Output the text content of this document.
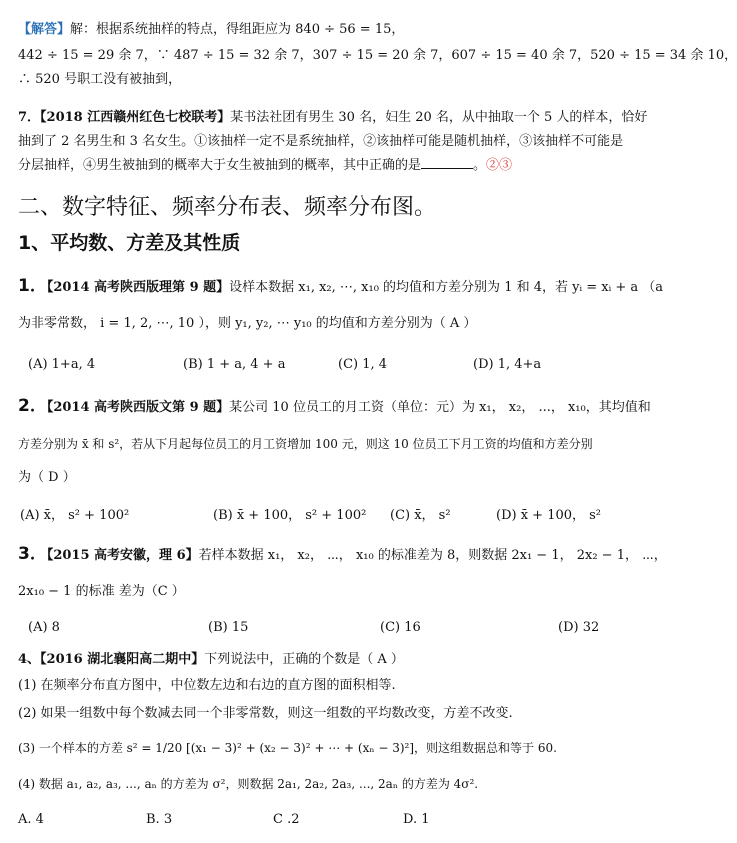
【解答】解：根据系统抽样的特点，得组距应为 840 ÷ 56 = 15，
442 ÷ 15 = 29 余 7，∵ 487 ÷ 15 = 32 余 7，307 ÷ 15 = 20 余 7，607 ÷ 15 = 40 余 7，520 ÷ 15 = 34 余 10，
∴ 520 号职工没有被抽到，
7．【2018 江西赣州红色七校联考】某书法社团有男生 30 名，妇生 20 名，从中抽取一个 5 人的样本，恰好
抽到了 2 名男生和 3 名女生。①该抽样一定不是系统抽样，②该抽样可能是随机抽样，③该抽样不可能是
分层抽样，④男生被抽到的概率大于女生被抽到的概率，其中正确的是	。②③
二、数字特征、频率分布表、频率分布图。
1、平均数、方差及其性质
1．【2014 高考陕西版理第 9 题】设样本数据 x₁, x₂, ⋯, x₁₀ 的均值和方差分别为 1 和 4，若 yᵢ = xᵢ + a （a
为非零常数， i = 1, 2, ⋯, 10 ），则 y₁, y₂, ⋯ y₁₀ 的均值和方差分别为（ A ）
(A) 1+a, 4	(B) 1 + a, 4 + a	(C) 1, 4	(D) 1, 4+a
2．【2014 高考陕西版文第 9 题】某公司 10 位员工的月工资（单位：元）为 x₁， x₂， ...， x₁₀，其均值和
方差分别为 x̄ 和 s²，若从下月起每位员工的月工资增加 100 元，则这 10 位员工下月工资的均值和方差分别
为（ D ）
(A) x̄， s² + 100²	(B) x̄ + 100， s² + 100² (C) x̄， s²	(D) x̄ + 100， s²
3．【2015 高考安徽，理 6】若样本数据 x₁， x₂， ⋯， x₁₀ 的标准差为 8，则数据 2x₁ − 1， 2x₂ − 1， ⋯，
2x₁₀ − 1 的标准 差为（C ）
(A) 8	(B) 15	(C) 16	(D) 32
4、【2016 湖北襄阳高二期中】下列说法中，正确的个数是（ A ）
(1) 在频率分布直方图中，中位数左边和右边的直方图的面积相等.
(2) 如果一组数中每个数减去同一个非零常数，则这一组数的平均数改变，方差不改变.
(3) 一个样本的方差 s² = 1/20 [(x₁ − 3)² + (x₂ − 3)² + ⋯ + (xₙ − 3)²]，则这组数据总和等于 60.
(4) 数据 a₁, a₂, a₃, ..., aₙ 的方差为 σ²，则数据 2a₁, 2a₂, 2a₃, ..., 2aₙ 的方差为 4σ².
A. 4	B. 3	C .2	D. 1
